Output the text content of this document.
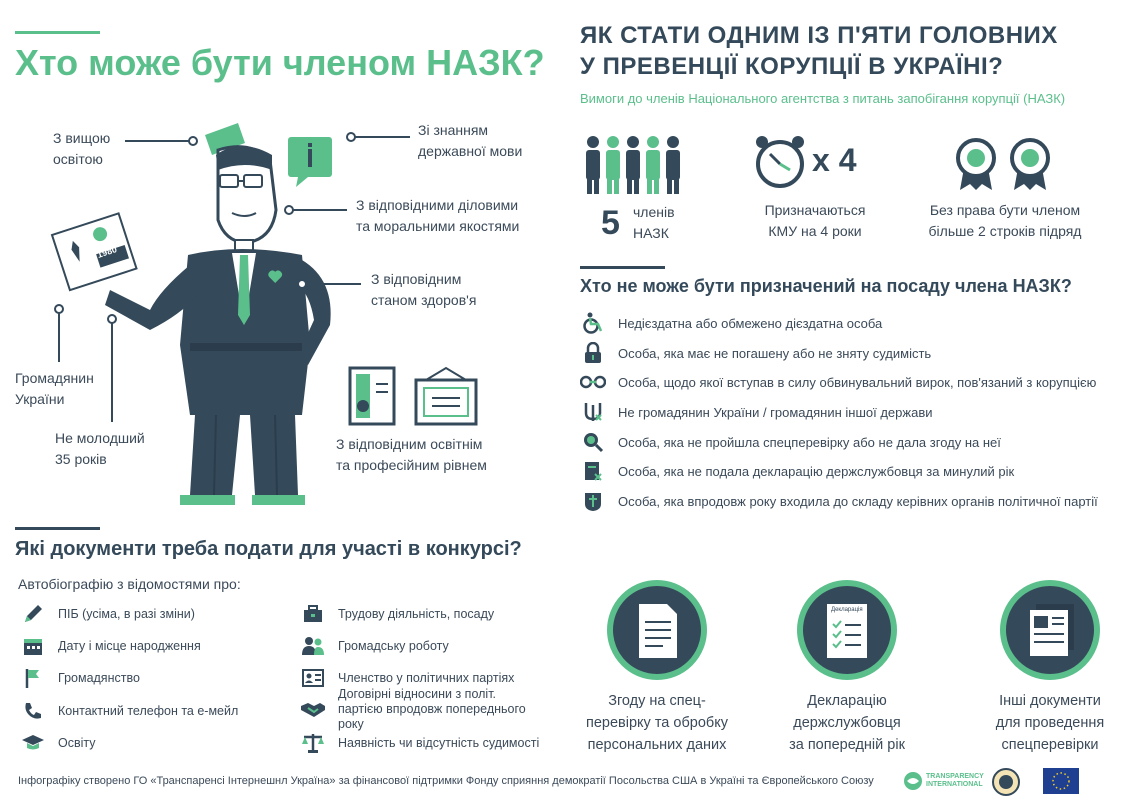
Хто може бути членом НАЗК?
1980
З вищою
освітою
Зі знанням
державної мови
З відповідними діловими
та моральними якостями
З відповідним
станом здоров'я
Громадянин
України
Не молодший
35 років
З відповідним освітнім
та професійним рівнем
ЯК СТАТИ ОДНИМ ІЗ П'ЯТИ ГОЛОВНИХ
У ПРЕВЕНЦІЇ КОРУПЦІЇ В УКРАЇНІ?
Вимоги до членів Національного агентства з питань запобігання корупції (НАЗК)
5 членів
НАЗК
x 4
Призначаються
КМУ на 4 роки
Без права бути членом
більше 2 строків підряд
Хто не може бути призначений на посаду члена НАЗК?
Недієздатна або обмежено дієздатна особа
Особа, яка має не погашену або не зняту судимість
Особа, щодо якої вступав в силу обвинувальний вирок, пов'язаний з корупцією
Не громадянин України / громадянин іншої держави
Особа, яка не пройшла спецперевірку або не дала згоду на неї
Особа, яка не подала декларацію держслужбовця за минулий рік
Особа, яка впродовж року входила до складу керівних органів політичної партії
Які документи треба подати для участі в конкурсі?
Автобіографію з відомостями про:
ПІБ (усіма, в разі зміни)
Дату і місце народження
Громадянство
Контактний телефон та е-мейл
Освіту
Трудову діяльність, посаду
Громадську роботу
Членство у політичних партіях
Договірні відносини з політ. партією впродовж попереднього року
Наявність чи відсутність судимості
Згоду на спец-
перевірку та обробку
персональних даних
Декларація
Декларацію
держслужбовця
за попередній рік
Інші документи
для проведення
спецперевірки
Інфографіку створено ГО «Транспаренсі Інтернешнл Україна» за фінансової підтримки Фонду сприяння демократії Посольства США в Україні та Європейського Союзу	TRANSPARENCY INTERNATIONAL
